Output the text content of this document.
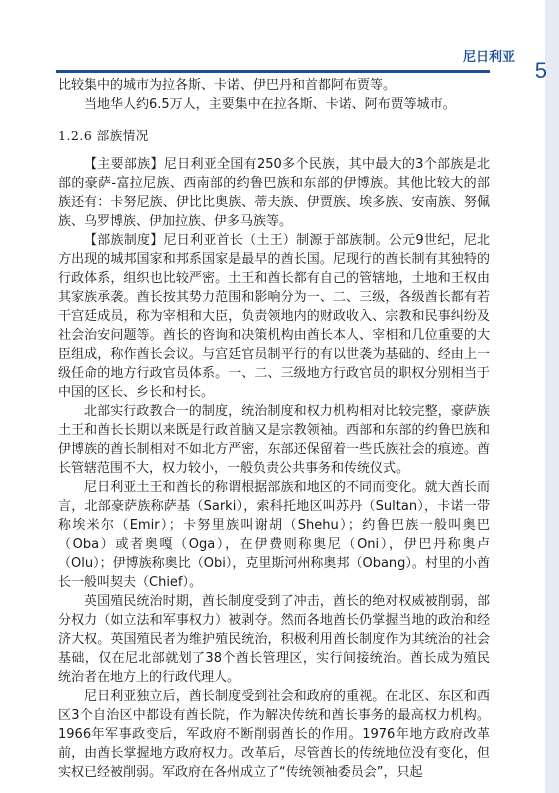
尼日利亚
5

比较集中的城市为拉各斯、卡诺、伊巴丹和首都阿布贾等。

当地华人约6.5万人，主要集中在拉各斯、卡诺、阿布贾等城市。

1.2.6 部族情况

【主要部族】尼日利亚全国有250多个民族，其中最大的3个部族是北部的豪萨-富拉尼族、西南部的约鲁巴族和东部的伊博族。其他比较大的部族还有：卡努尼族、伊比比奥族、蒂夫族、伊贾族、埃多族、安南族、努佩族、乌罗博族、伊加拉族、伊多马族等。

【部族制度】尼日利亚首长（土王）制源于部族制。公元9世纪，尼北方出现的城邦国家和邦系国家是最早的酋长国。尼现行的酋长制有其独特的行政体系，组织也比较严密。土王和酋长都有自己的管辖地，土地和王权由其家族承袭。酋长按其势力范围和影响分为一、二、三级，各级酋长都有若干宫廷成员，称为宰相和大臣，负责领地内的财政收入、宗教和民事纠纷及社会治安问题等。酋长的咨询和决策机构由酋长本人、宰相和几位重要的大臣组成，称作酋长会议。与宫廷官员制平行的有以世袭为基础的、经由上一级任命的地方行政官员体系。一、二、三级地方行政官员的职权分别相当于中国的区长、乡长和村长。

北部实行政教合一的制度，统治制度和权力机构相对比较完整，豪萨族土王和酋长长期以来既是行政首脑又是宗教领袖。西部和东部的约鲁巴族和伊博族的酋长制相对不如北方严密，东部还保留着一些氏族社会的痕迹。酋长管辖范围不大，权力较小，一般负责公共事务和传统仪式。

尼日利亚土王和酋长的称谓根据部族和地区的不同而变化。就大酋长而言，北部豪萨族称萨基（Sarki），索科托地区叫苏丹（Sultan），卡诺一带称埃米尔（Emir）；卡努里族叫谢胡（Shehu）；约鲁巴族一般叫奥巴（Oba）或者奥嘎（Oga），在伊费则称奥尼（Oni），伊巴丹称奥卢（Olu）；伊博族称奥比（Obi），克里斯河州称奥邦（Obang）。村里的小酋长一般叫契夫（Chief）。

英国殖民统治时期，酋长制度受到了冲击，酋长的绝对权威被削弱，部分权力（如立法和军事权力）被剥夺。然而各地酋长仍掌握当地的政治和经济大权。英国殖民者为维护殖民统治，积极利用酋长制度作为其统治的社会基础，仅在尼北部就划了38个酋长管理区，实行间接统治。酋长成为殖民统治者在地方上的行政代理人。

尼日利亚独立后，酋长制度受到社会和政府的重视。在北区、东区和西区3个自治区中都设有酋长院，作为解决传统和酋长事务的最高权力机构。1966年军事政变后，军政府不断削弱酋长的作用。1976年地方政府改革前，由酋长掌握地方政府权力。改革后，尽管酋长的传统地位没有变化，但实权已经被削弱。军政府在各州成立了“传统领袖委员会”，只起
